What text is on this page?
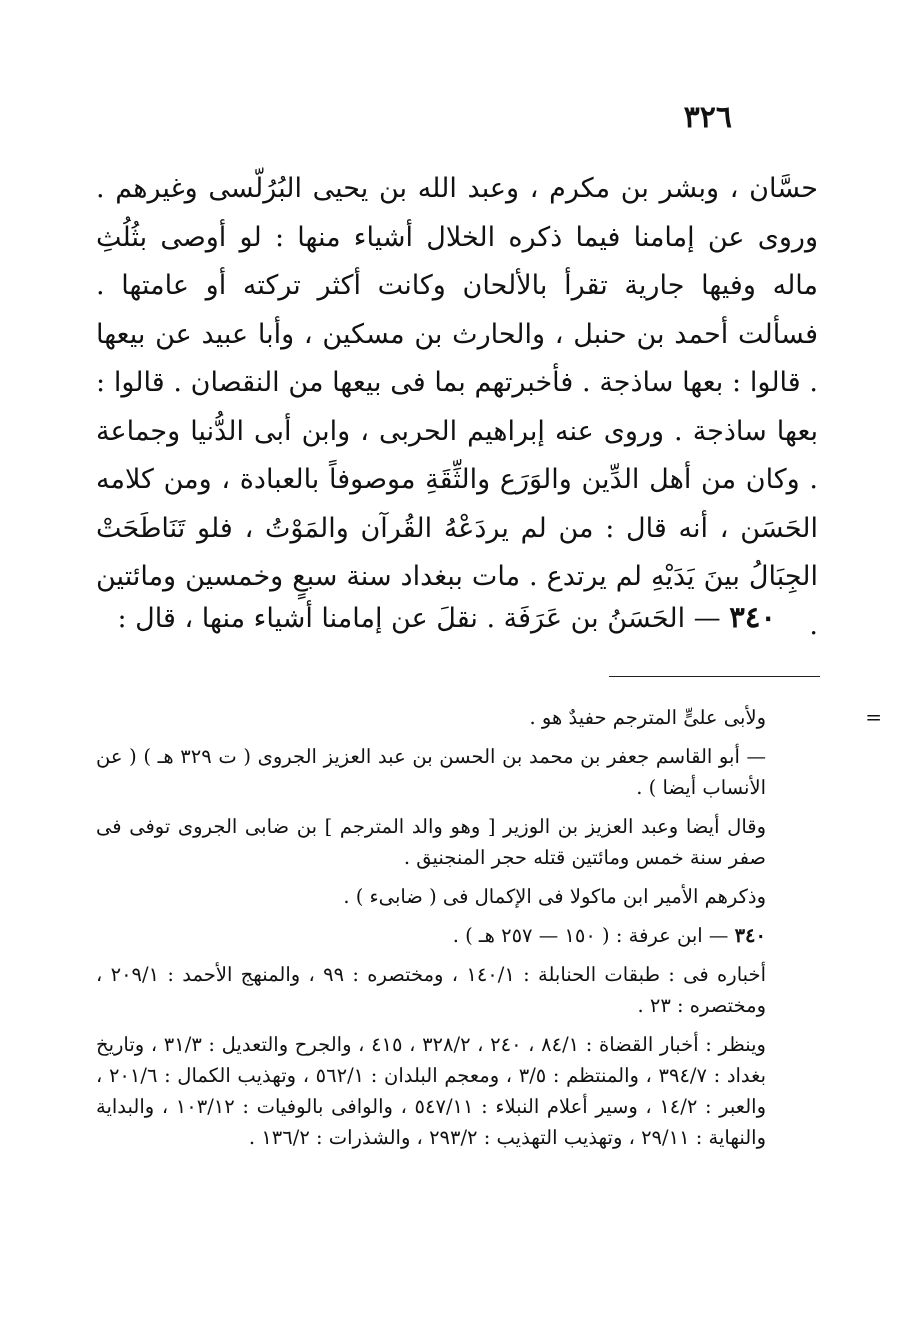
٣٢٦

حسَّان ، وبشر بن مكرم ، وعبد الله بن يحيى البُرُلّسى وغيرهم . وروى عن إمامنا فيما ذكره الخلال أشياء منها : لو أوصى بثُلُثِ ماله وفيها جارية تقرأ بالألحان وكانت أكثر تركته أو عامتها . فسألت أحمد بن حنبل ، والحارث بن مسكين ، وأبا عبيد عن بيعها . قالوا : بعها ساذجة . فأخبرتهم بما فى بيعها من النقصان . قالوا : بعها ساذجة . وروى عنه إبراهيم الحربى ، وابن أبى الدُّنيا وجماعة . وكان من أهل الدِّين والوَرَع والثِّقَةِ موصوفاً بالعبادة ، ومن كلامه الحَسَن ، أنه قال : من لم يردَعْهُ القُرآن والمَوْتُ ، فلو تَنَاطَحَتْ الجِبَالُ بينَ يَدَيْهِ لم يرتدع . مات ببغداد سنة سبعٍ وخمسين ومائتين .

٣٤٠ — الحَسَنُ بن عَرَفَة . نقلَ عن إمامنا أشياء منها ، قال :

=
ولأبى علىٍّ المترجم حفيدٌ هو .

— أبو القاسم جعفر بن محمد بن الحسن بن عبد العزيز الجروى ( ت ٣٢٩ هـ ) ( عن الأنساب أيضا ) .

وقال أيضا وعبد العزيز بن الوزير [ وهو والد المترجم ] بن ضابى الجروى توفى فى صفر سنة خمس ومائتين قتله حجر المنجنيق .

وذكرهم الأمير ابن ماكولا فى الإكمال فى ( ضابىء ) .

٣٤٠ — ابن عرفة : ( ١٥٠ — ٢٥٧ هـ ) .

أخباره فى : طبقات الحنابلة : ١٤٠/١ ، ومختصره : ٩٩ ، والمنهج الأحمد : ٢٠٩/١ ، ومختصره : ٢٣ .

وينظر : أخبار القضاة : ٨٤/١ ، ٢٤٠ ، ٣٢٨/٢ ، ٤١٥ ، والجرح والتعديل : ٣١/٣ ، وتاريخ بغداد : ٣٩٤/٧ ، والمنتظم : ٣/٥ ، ومعجم البلدان : ٥٦٢/١ ، وتهذيب الكمال : ٢٠١/٦ ، والعبر : ١٤/٢ ، وسير أعلام النبلاء : ٥٤٧/١١ ، والوافى بالوفيات : ١٠٣/١٢ ، والبداية والنهاية : ٢٩/١١ ، وتهذيب التهذيب : ٢٩٣/٢ ، والشذرات : ١٣٦/٢ .
